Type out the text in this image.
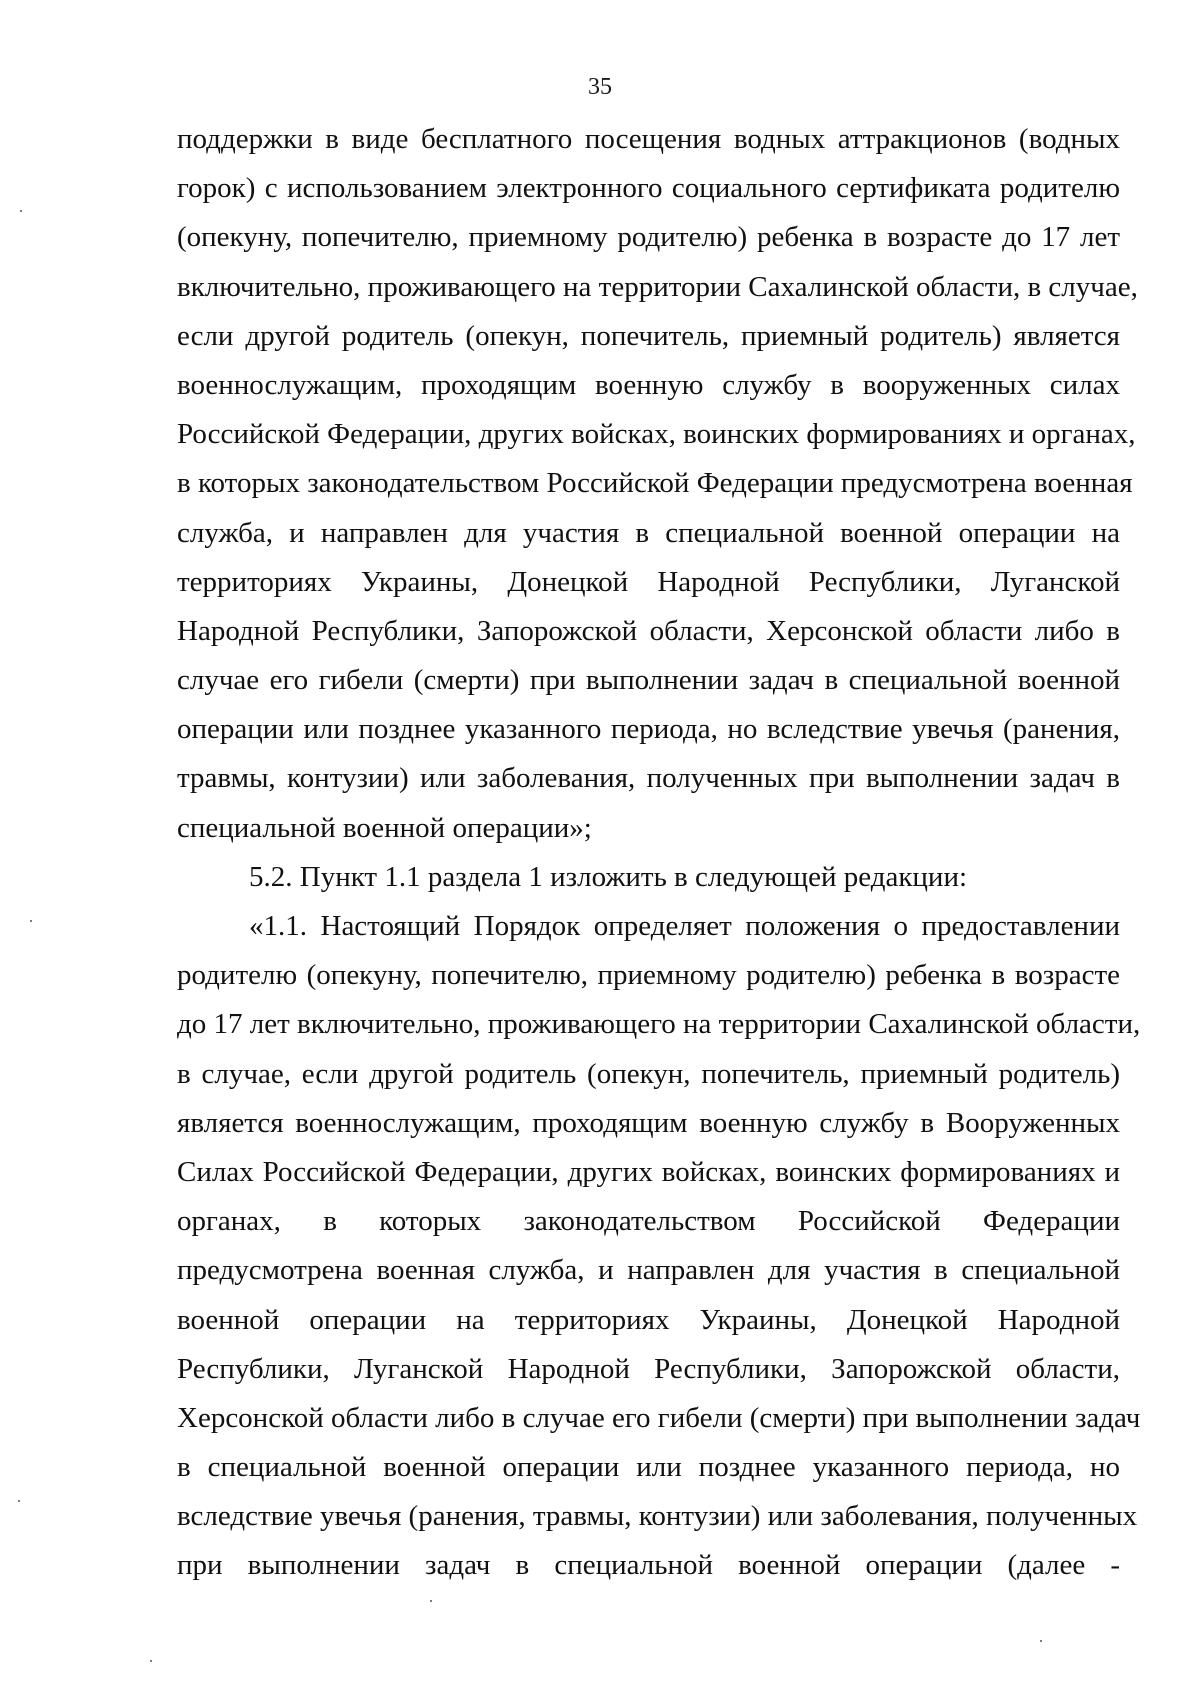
35
поддержки в виде бесплатного посещения водных аттракционов (водных
горок) с использованием электронного социального сертификата родителю
(опекуну, попечителю, приемному родителю) ребенка в возрасте до 17 лет
включительно, проживающего на территории Сахалинской области, в случае,
если другой родитель (опекун, попечитель, приемный родитель) является
военнослужащим, проходящим военную службу в вооруженных силах
Российской Федерации, других войсках, воинских формированиях и органах,
в которых законодательством Российской Федерации предусмотрена военная
служба, и направлен для участия в специальной военной операции на
территориях Украины, Донецкой Народной Республики, Луганской
Народной Республики, Запорожской области, Херсонской области либо в
случае его гибели (смерти) при выполнении задач в специальной военной
операции или позднее указанного периода, но вследствие увечья (ранения,
травмы, контузии) или заболевания, полученных при выполнении задач в
специальной военной операции»;
5.2. Пункт 1.1 раздела 1 изложить в следующей редакции:
«1.1. Настоящий Порядок определяет положения о предоставлении
родителю (опекуну, попечителю, приемному родителю) ребенка в возрасте
до 17 лет включительно, проживающего на территории Сахалинской области,
в случае, если другой родитель (опекун, попечитель, приемный родитель)
является военнослужащим, проходящим военную службу в Вооруженных
Силах Российской Федерации, других войсках, воинских формированиях и
органах, в которых законодательством Российской Федерации
предусмотрена военная служба, и направлен для участия в специальной
военной операции на территориях Украины, Донецкой Народной
Республики, Луганской Народной Республики, Запорожской области,
Херсонской области либо в случае его гибели (смерти) при выполнении задач
в специальной военной операции или позднее указанного периода, но
вследствие увечья (ранения, травмы, контузии) или заболевания, полученных
при выполнении задач в специальной военной операции (далее -
